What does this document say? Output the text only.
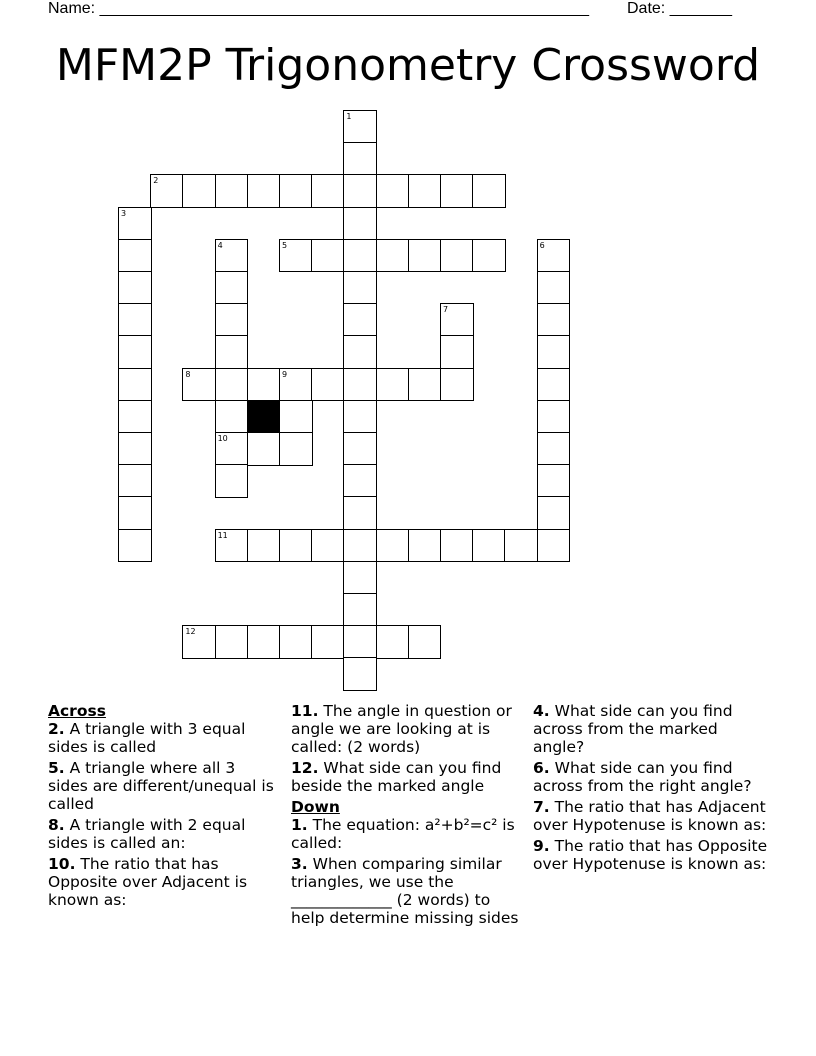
Name: _______________________________________________________ Date: _______
MFM2P Trigonometry Crossword
1
2
3
4	5	6
7
8	9
10
11
12
Across
2. A triangle with 3 equal sides is called
5. A triangle where all 3 sides are different/unequal is called
8. A triangle with 2 equal sides is called an:
10. The ratio that has Opposite over Adjacent is known as:
11. The angle in question or angle we are looking at is called: (2 words)
12. What side can you find beside the marked angle
Down
1. The equation: a²+b²=c² is called:
3. When comparing similar triangles, we use the _____________ (2 words) to help determine missing sides
4. What side can you find across from the marked angle?
6. What side can you find across from the right angle?
7. The ratio that has Adjacent over Hypotenuse is known as:
9. The ratio that has Opposite over Hypotenuse is known as:
